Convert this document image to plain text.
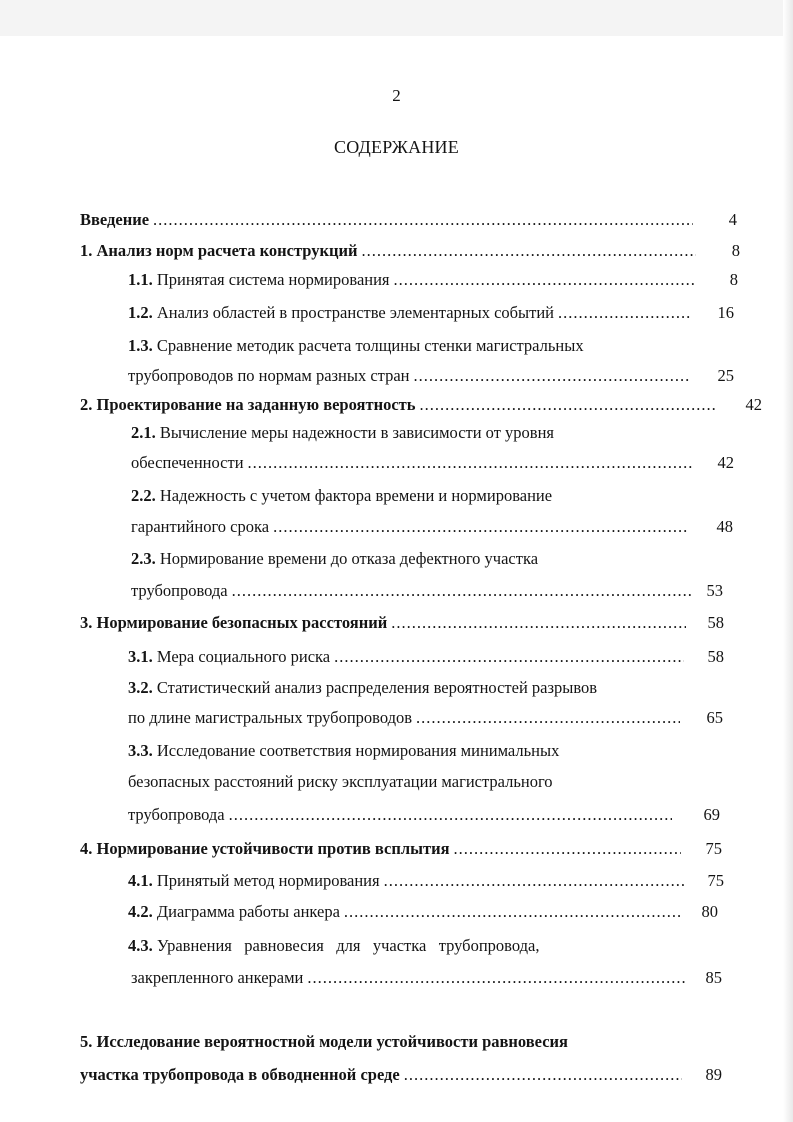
2
СОДЕРЖАНИЕ
Введение .....	4
1. Анализ норм расчета конструкций .....	8
1.1.
Принятая система нормирования .....	8
1.2.
Анализ областей в пространстве элементарных событий .....	16
1.3. Сравнение методик расчета толщины стенки магистральных
трубопроводов по нормам разных стран .....	25
2. Проектирование на заданную вероятность .....	42
2.1. Вычисление меры надежности в зависимости от уровня
обеспеченности .....	42
2.2. Надежность с учетом фактора времени и нормирование
гарантийного срока .....	48
2.3. Нормирование времени до отказа дефектного участка
трубопровода .....	53
3. Нормирование безопасных расстояний .....	58
3.1.
Мера социального риска .....	58
3.2. Статистический анализ распределения вероятностей разрывов
по длине магистральных трубопроводов .....	65
3.3. Исследование соответствия нормирования минимальных
безопасных расстояний риску эксплуатации магистрального
трубопровода .....	69
4. Нормирование устойчивости против всплытия .....	75
4.1.
Принятый метод нормирования .....	75
4.2.
Диаграмма работы анкера .....	80
4.3. Уравнения   равновесия   для   участка   трубопровода,
закрепленного анкерами .....	85
5. Исследование вероятностной модели устойчивости равновесия
участка трубопровода в обводненной среде .....	89
